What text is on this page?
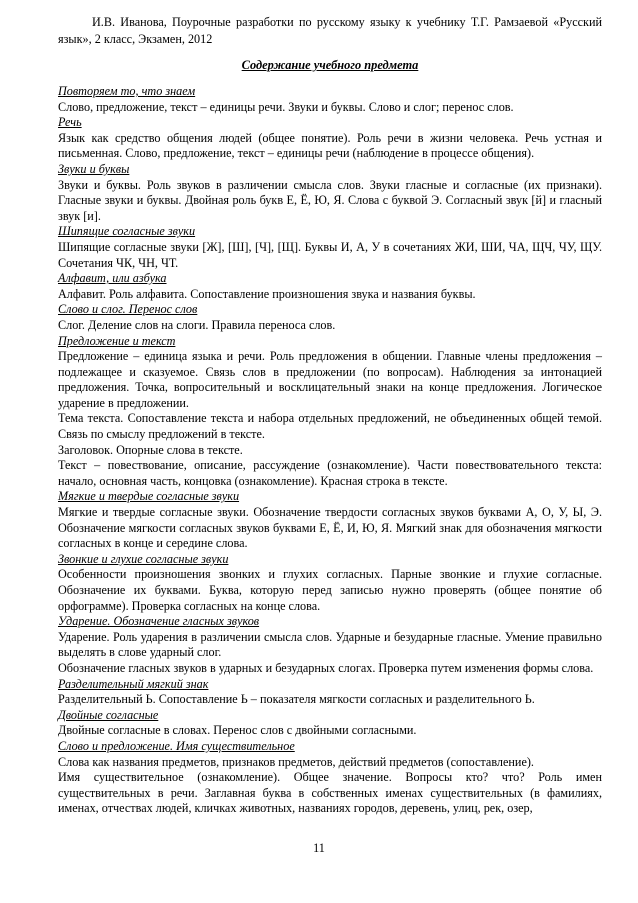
И.В. Иванова, Поурочные разработки по русскому языку к учебнику Т.Г. Рамзаевой «Русский язык», 2 класс, Экзамен, 2012

Содержание учебного предмета

Повторяем то, что знаем

Слово, предложение, текст – единицы речи. Звуки и буквы. Слово и слог; перенос слов.

Речь

Язык как средство общения людей (общее понятие). Роль речи в жизни человека. Речь устная и письменная. Слово, предложение, текст – единицы речи (наблюдение в процессе общения).

Звуки и буквы

Звуки и буквы. Роль звуков в различении смысла слов. Звуки гласные и согласные (их признаки). Гласные звуки и буквы. Двойная роль букв Е, Ё, Ю, Я. Слова с буквой Э. Согласный звук [й] и гласный звук [и].

Шипящие согласные звуки

Шипящие согласные звуки [Ж], [Ш], [Ч], [Щ]. Буквы И, А, У в сочетаниях ЖИ, ШИ, ЧА, ЩЧ, ЧУ, ЩУ. Сочетания ЧК, ЧН, ЧТ.

Алфавит, или азбука

Алфавит. Роль алфавита. Сопоставление произношения звука и названия буквы.

Слово и слог. Перенос слов

Слог. Деление слов на слоги. Правила переноса слов.

Предложение и текст

Предложение – единица языка и речи. Роль предложения в общении. Главные члены предложения – подлежащее и сказуемое. Связь слов в предложении (по вопросам). Наблюдения за интонацией предложения. Точка, вопросительный и восклицательный знаки на конце предложения. Логическое ударение в предложении.

Тема текста. Сопоставление текста и набора отдельных предложений, не объединенных общей темой. Связь по смыслу предложений в тексте.

Заголовок. Опорные слова в тексте.

Текст – повествование, описание, рассуждение (ознакомление). Части повествовательного текста: начало, основная часть, концовка (ознакомление). Красная строка в тексте.

Мягкие и твердые согласные звуки

Мягкие и твердые согласные звуки. Обозначение твердости согласных звуков буквами А, О, У, Ы, Э. Обозначение мягкости согласных звуков буквами Е, Ё, И, Ю, Я. Мягкий знак для обозначения мягкости согласных в конце и середине слова.

Звонкие и глухие согласные звуки

Особенности произношения звонких и глухих согласных. Парные звонкие и глухие согласные. Обозначение их буквами. Буква, которую перед записью нужно проверять (общее понятие об орфограмме). Проверка согласных на конце слова.

Ударение. Обозначение гласных звуков

Ударение. Роль ударения в различении смысла слов. Ударные и безударные гласные. Умение правильно выделять в слове ударный слог.

Обозначение гласных звуков в ударных и безударных слогах. Проверка путем изменения формы слова.

Разделительный мягкий знак

Разделительный Ь. Сопоставление Ь – показателя мягкости согласных и разделительного Ь.

Двойные согласные

Двойные согласные в словах. Перенос слов с двойными согласными.

Слово и предложение. Имя существительное

Слова как названия предметов, признаков предметов, действий предметов (сопоставление).

Имя существительное (ознакомление). Общее значение. Вопросы кто? что? Роль имен существительных в речи. Заглавная буква в собственных именах существительных (в фамилиях, именах, отчествах людей, кличках животных, названиях городов, деревень, улиц, рек, озер,

11
